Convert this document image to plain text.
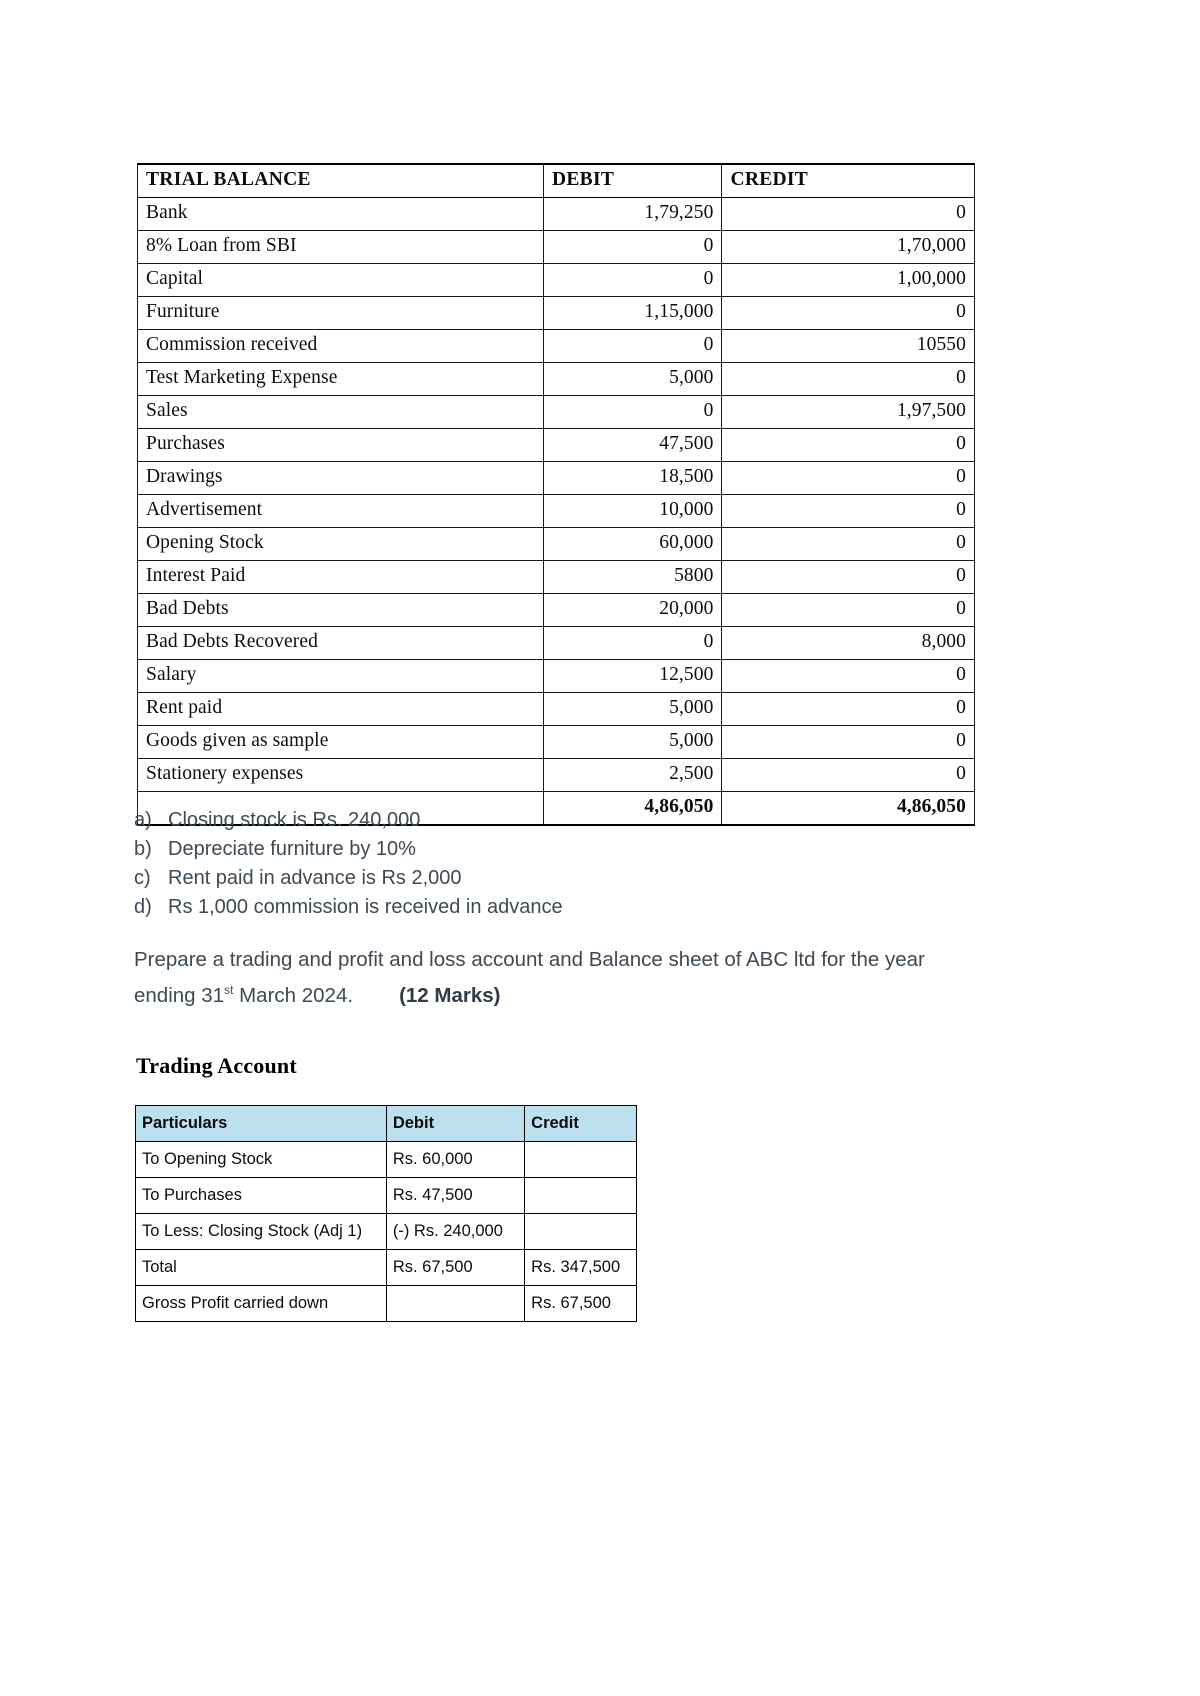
TRIAL BALANCE	DEBIT	CREDIT
Bank	1,79,250	0
8% Loan from SBI	0	1,70,000
Capital	0	1,00,000
Furniture	1,15,000	0
Commission received	0	10550
Test Marketing Expense	5,000	0
Sales	0	1,97,500
Purchases	47,500	0
Drawings	18,500	0
Advertisement	10,000	0
Opening Stock	60,000	0
Interest Paid	5800	0
Bad Debts	20,000	0
Bad Debts Recovered	0	8,000
Salary	12,500	0
Rent paid	5,000	0
Goods given as sample	5,000	0
Stationery expenses	2,500	0
	4,86,050	4,86,050
a) Closing stock is Rs. 240,000
b) Depreciate furniture by 10%
c) Rent paid in advance is Rs 2,000
d) Rs 1,000 commission is received in advance
Prepare a trading and profit and loss account and Balance sheet of ABC ltd for the year ending 31st March 2024. (12 Marks)
Trading Account
Particulars	Debit	Credit
To Opening Stock	Rs. 60,000	
To Purchases	Rs. 47,500	
To Less: Closing Stock (Adj 1)	(-) Rs. 240,000	
Total	Rs. 67,500	Rs. 347,500
Gross Profit carried down		Rs. 67,500
